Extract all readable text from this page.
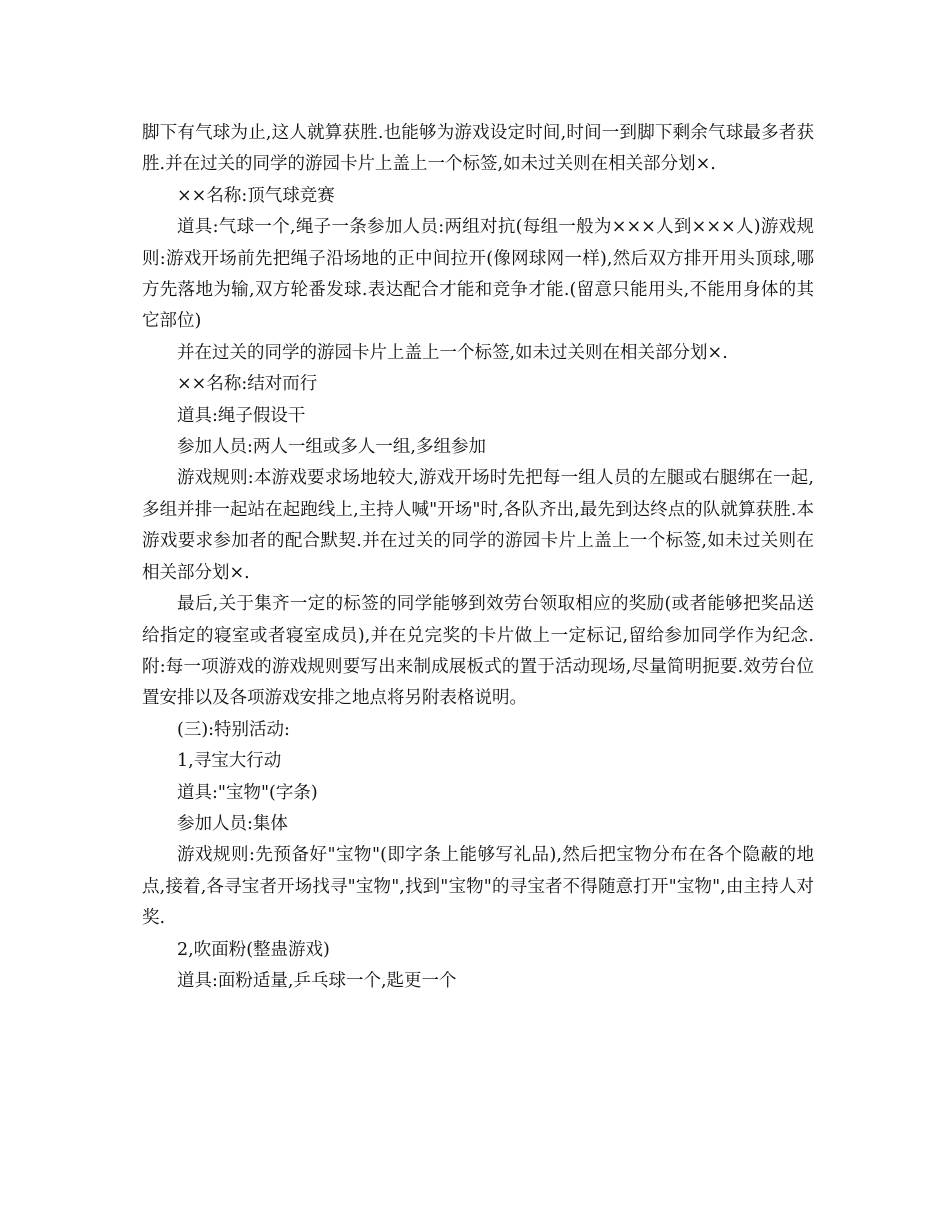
脚下有气球为止,这人就算获胜.也能够为游戏设定时间,时间一到脚下剩余气球最多者获胜.并在过关的同学的游园卡片上盖上一个标签,如未过关则在相关部分划×.

××名称:顶气球竞赛

道具:气球一个,绳子一条参加人员:两组对抗(每组一般为×××人到×××人)游戏规则:游戏开场前先把绳子沿场地的正中间拉开(像网球网一样),然后双方排开用头顶球,哪方先落地为输,双方轮番发球.表达配合才能和竞争才能.(留意只能用头,不能用身体的其它部位)

并在过关的同学的游园卡片上盖上一个标签,如未过关则在相关部分划×.

××名称:结对而行

道具:绳子假设干

参加人员:两人一组或多人一组,多组参加

游戏规则:本游戏要求场地较大,游戏开场时先把每一组人员的左腿或右腿绑在一起,多组并排一起站在起跑线上,主持人喊"开场"时,各队齐出,最先到达终点的队就算获胜.本游戏要求参加者的配合默契.并在过关的同学的游园卡片上盖上一个标签,如未过关则在相关部分划×.

最后,关于集齐一定的标签的同学能够到效劳台领取相应的奖励(或者能够把奖品送给指定的寝室或者寝室成员),并在兑完奖的卡片做上一定标记,留给参加同学作为纪念.附:每一项游戏的游戏规则要写出来制成展板式的置于活动现场,尽量简明扼要.效劳台位置安排以及各项游戏安排之地点将另附表格说明。

(三):特别活动:

1,寻宝大行动

道具:"宝物"(字条)

参加人员:集体

游戏规则:先预备好"宝物"(即字条上能够写礼品),然后把宝物分布在各个隐蔽的地点,接着,各寻宝者开场找寻"宝物",找到"宝物"的寻宝者不得随意打开"宝物",由主持人对奖.

2,吹面粉(整蛊游戏)

道具:面粉适量,乒乓球一个,匙更一个
